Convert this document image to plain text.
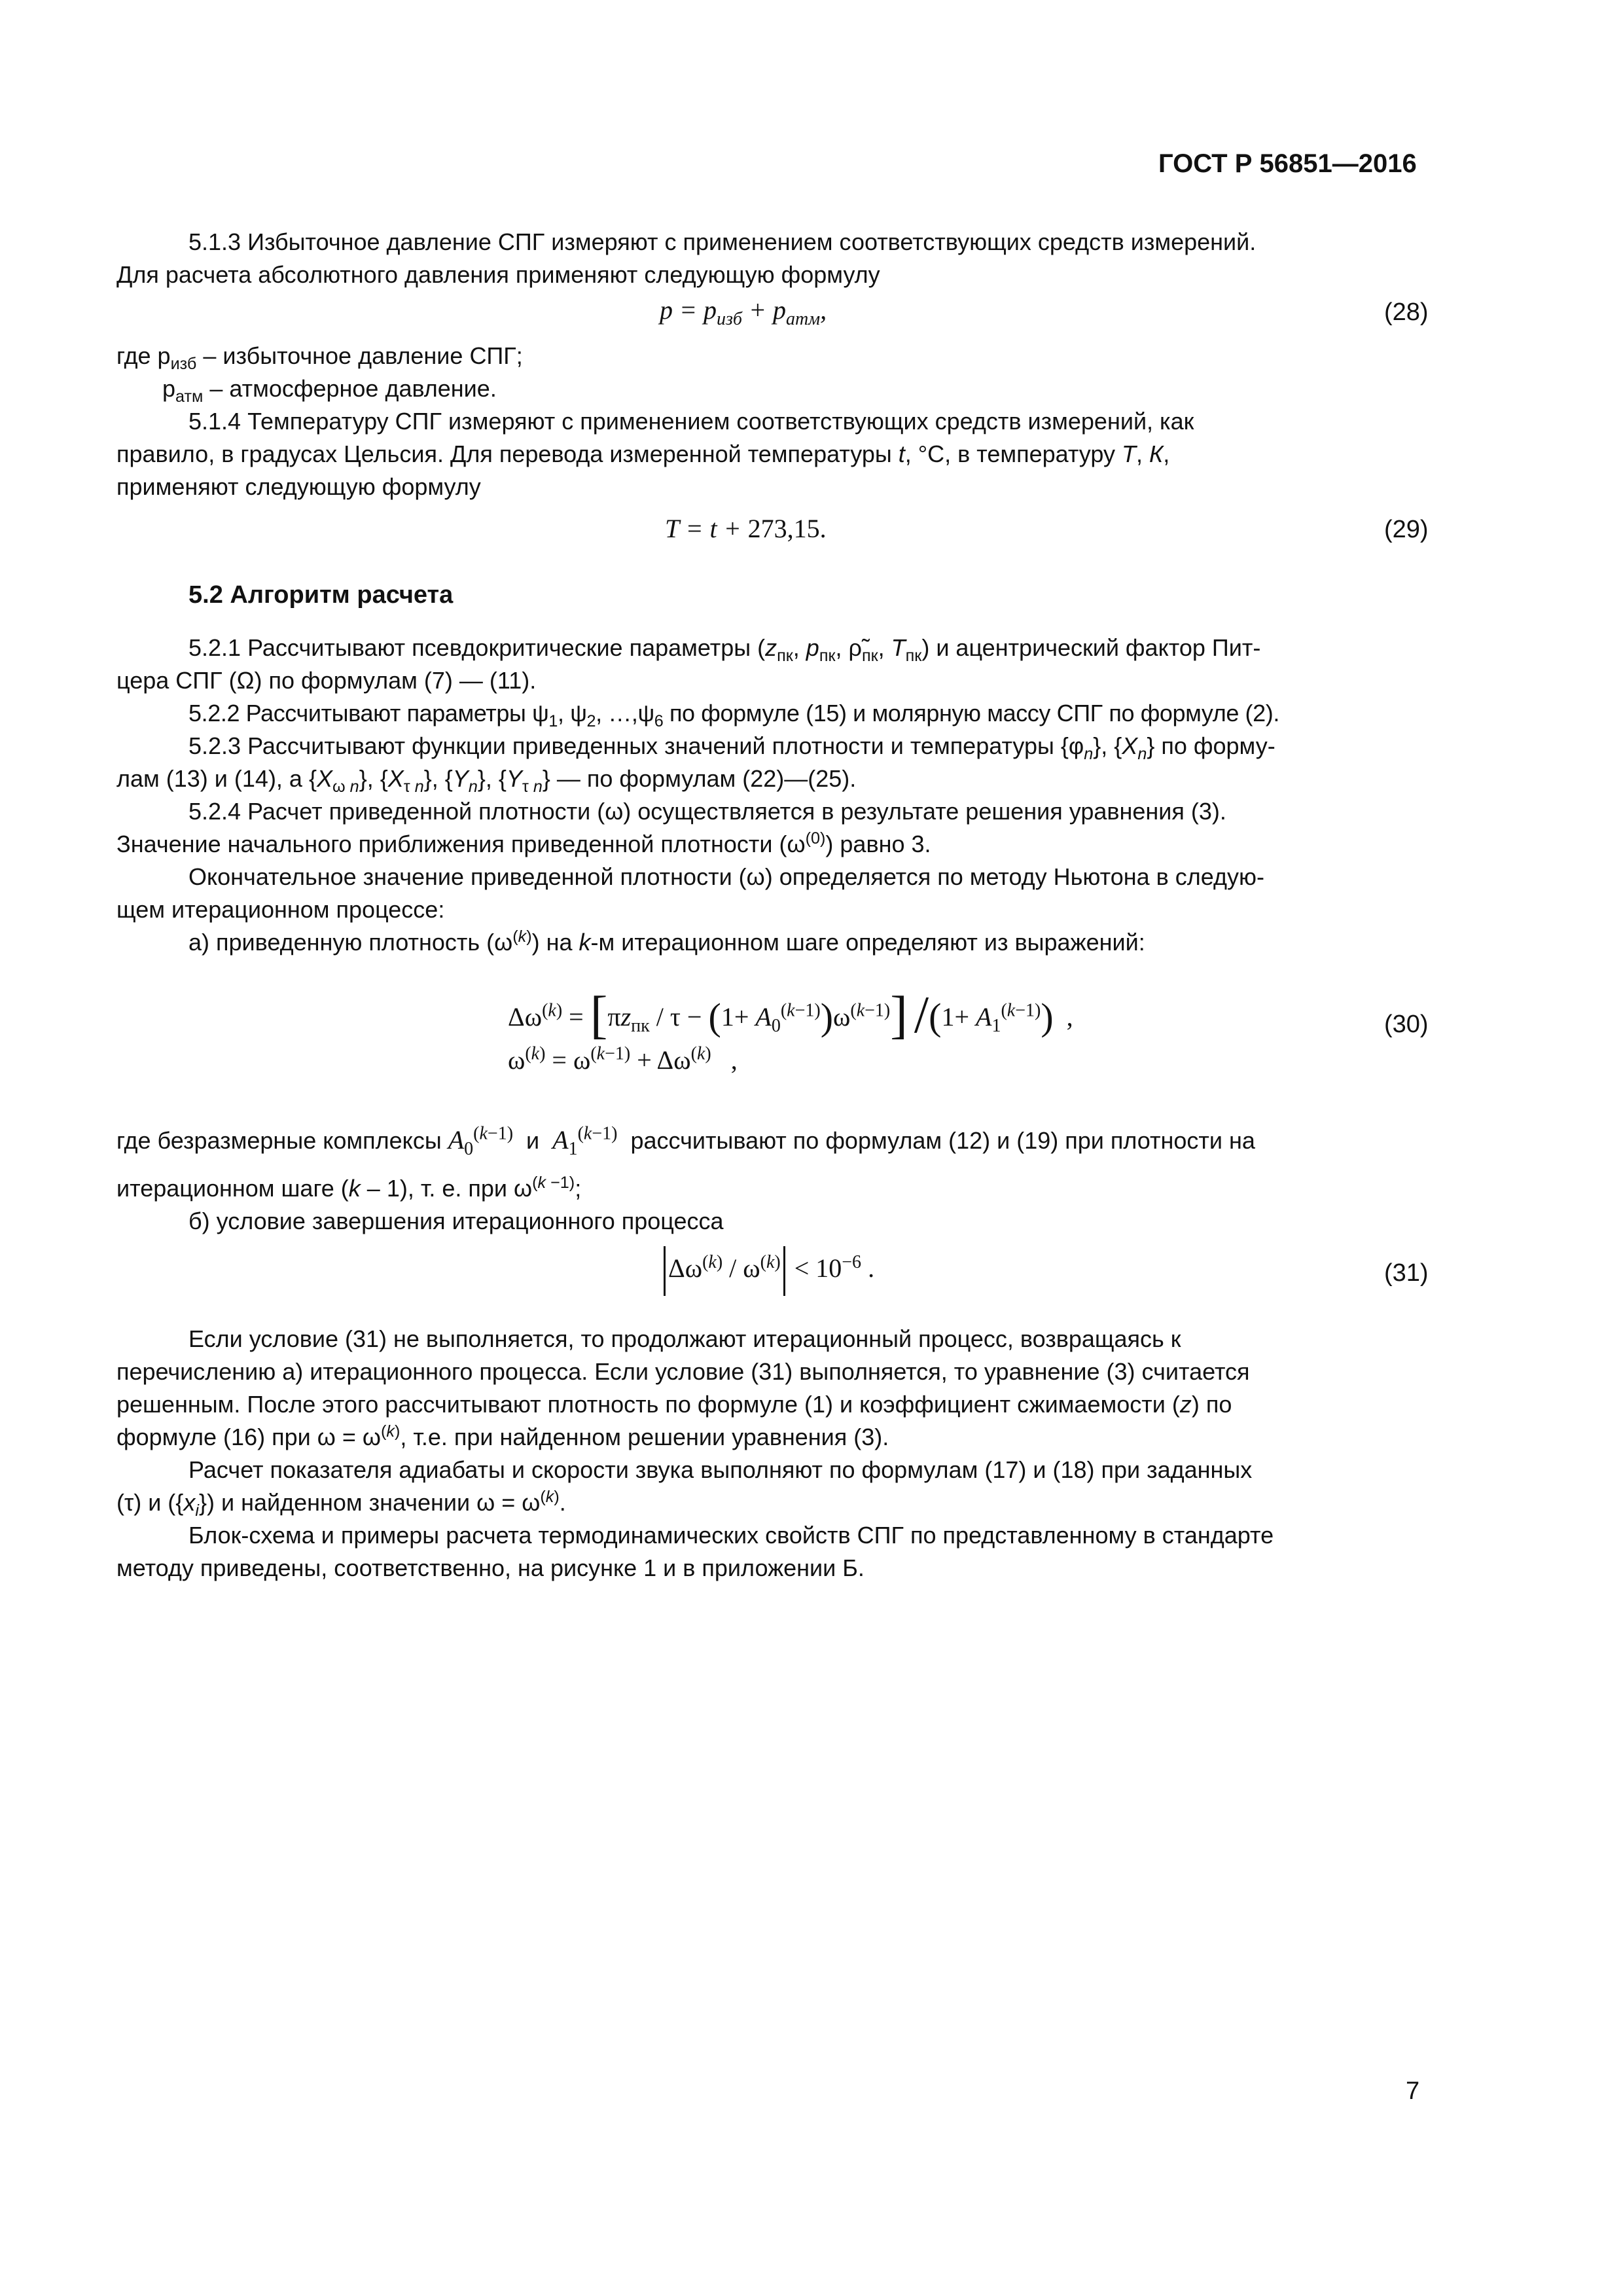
ГОСТ Р 56851—2016
5.1.3 Избыточное давление СПГ измеряют с применением соответствующих средств измерений.
Для расчета абсолютного давления применяют следующую формулу
$p = p_{изб} + p_{атм}$,	(28)
где $p_{изб}$ – избыточное давление СПГ;
$p_{атм}$ – атмосферное давление.
5.1.4 Температуру СПГ измеряют с применением соответствующих средств измерений, как
правило, в градусах Цельсия. Для перевода измеренной температуры t, °С, в температуру Т, К,
применяют следующую формулу
T = t + 273,15.	(29)
5.2 Алгоритм расчета
5.2.1 Рассчитывают псевдокритические параметры ($z_{пк}$, $p_{пк}$, $\rhõ_{пк}$, $T_{пк}$) и ацентрический фактор Пит-
цера СПГ (Ω) по формулам (7) — (11).
5.2.2 Рассчитывают параметры $\psi_1$, $\psi_2$, $\dots,\psi_6$ по формуле (15) и молярную массу СПГ по формуле (2).
5.2.3 Рассчитывают функции приведенных значений плотности и температуры $\{\varphi_n\}$, $\{X_n\}$ по форму-
лам (13) и (14), а $\{X_{\omega n}\}$, $\{X_{\tau n}\}$, $\{Y_n\}$, $\{Y_{\tau n}\}$ — по формулам (22)—(25).
5.2.4 Расчет приведенной плотности (ω) осуществляется в результате решения уравнения (3).
Значение начального приближения приведенной плотности $(\omega^{(0)})$ равно 3.
Окончательное значение приведенной плотности (ω) определяется по методу Ньютона в следую-
щем итерационном процессе:
а) приведенную плотность $(\omega^{(k)})$ на k-м итерационном шаге определяют из выражений:
$\Delta\omega^{(k)} = [\pi z_{пк} / \tau - (1+ A_0^{(k-1)})\omega^{(k-1)}]$ $/(1+ A_1^{(k-1)})$  ,
$\omega^{(k)} = \omega^{(k-1)} + \Delta\omega^{(k)}$   ,
(30)
где безразмерные комплексы $A_0^{(k-1)}$  и  $A_1^{(k-1)}$  рассчитывают по формулам (12) и (19) при плотности на
итерационном шаге (k – 1), т. е. при $\omega^{(k -1)}$;
б) условие завершения итерационного процесса
$\Delta\omega^{(k)} / \omega^{(k)} < 10^{-6}$ .	(31)
Если условие (31) не выполняется, то продолжают итерационный процесс, возвращаясь к
перечислению а) итерационного процесса. Если условие (31) выполняется, то уравнение (3) считается
решенным. После этого рассчитывают плотность по формуле (1) и коэффициент сжимаемости (z) по
формуле (16) при $\omega = \omega^{(k)}$, т.е. при найденном решении уравнения (3).
Расчет показателя адиабаты и скорости звука выполняют по формулам (17) и (18) при заданных
(τ) и $(\{x_i\})$ и найденном значении $\omega = \omega^{(k)}$.
Блок-схема и примеры расчета термодинамических свойств СПГ по представленному в стандарте
методу приведены, соответственно, на рисунке 1 и в приложении Б.
7
